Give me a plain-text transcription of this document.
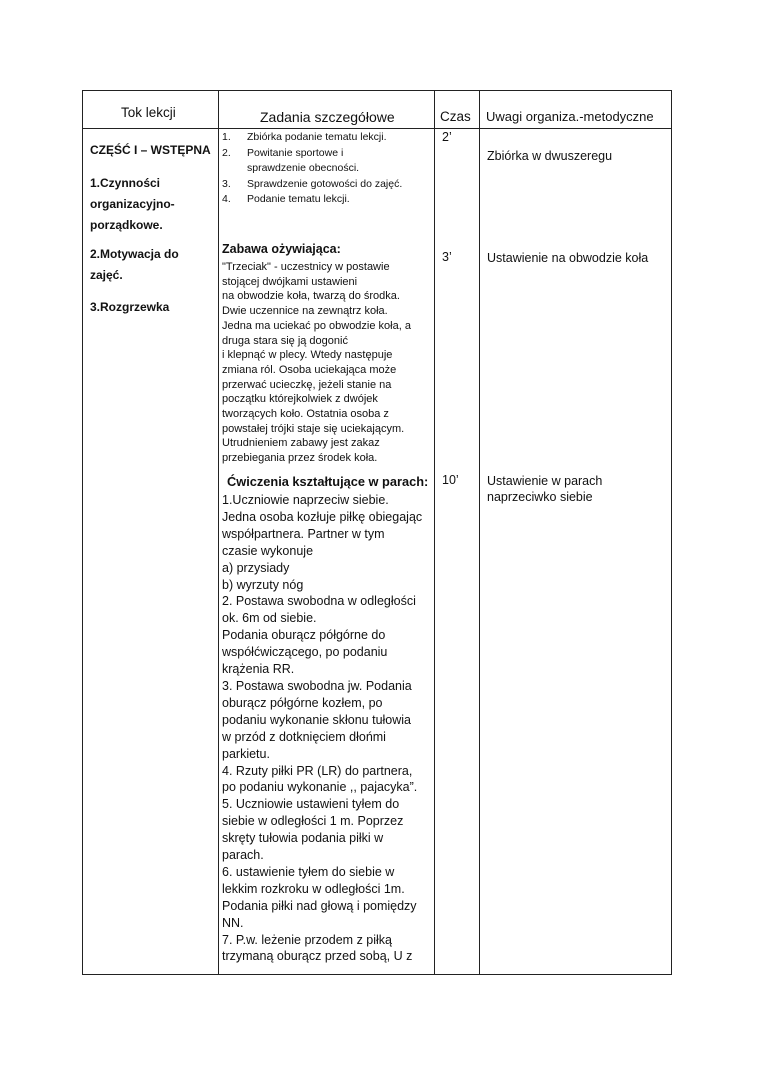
Tok lekcji	Zadania szczegółowe	Czas Uwagi organiza.-metodyczne
CZĘŚĆ I – WSTĘPNA
1.Czynności
organizacyjno-
porządkowe.
2.Motywacja do
zajęć.
3.Rozgrzewka
1. Zbiórka podanie tematu lekcji.
2. Powitanie sportowe i
sprawdzenie obecności.
3. Sprawdzenie gotowości do zajęć.
4. Podanie tematu lekcji.
Zabawa ożywiająca:
"Trzeciak" - uczestnicy w postawie
stojącej dwójkami ustawieni
na obwodzie koła, twarzą do środka.
Dwie uczennice na zewnątrz koła.
Jedna ma uciekać po obwodzie koła, a
druga stara się ją dogonić
i klepnąć w plecy. Wtedy następuje
zmiana ról. Osoba uciekająca może
przerwać ucieczkę, jeżeli stanie na
początku którejkolwiek z dwójek
tworzących koło. Ostatnia osoba z
powstałej trójki staje się uciekającym.
Utrudnieniem zabawy jest zakaz
przebiegania przez środek koła.
Ćwiczenia kształtujące w parach:
1.Uczniowie naprzeciw siebie.
Jedna osoba kozłuje piłkę obiegając
współpartnera. Partner w tym
czasie wykonuje
a) przysiady
b) wyrzuty nóg
2. Postawa swobodna w odległości
ok. 6m od siebie.
Podania oburącz półgórne do
współćwiczącego, po podaniu
krążenia RR.
3. Postawa swobodna jw. Podania
oburącz półgórne kozłem, po
podaniu wykonanie skłonu tułowia
w przód z dotknięciem dłońmi
parkietu.
4. Rzuty piłki PR (LR) do partnera,
po podaniu wykonanie ,, pajacyka”.
5. Uczniowie ustawieni tyłem do
siebie w odległości 1 m. Poprzez
skręty tułowia podania piłki w
parach.
6. ustawienie tyłem do siebie w
lekkim rozkroku w odległości 1m.
Podania piłki nad głową i pomiędzy
NN.
7. P.w. leżenie przodem z piłką
trzymaną oburącz przed sobą, U z
2’
3’
10’
Zbiórka w dwuszeregu
Ustawienie na obwodzie koła
Ustawienie w parach
naprzeciwko siebie
